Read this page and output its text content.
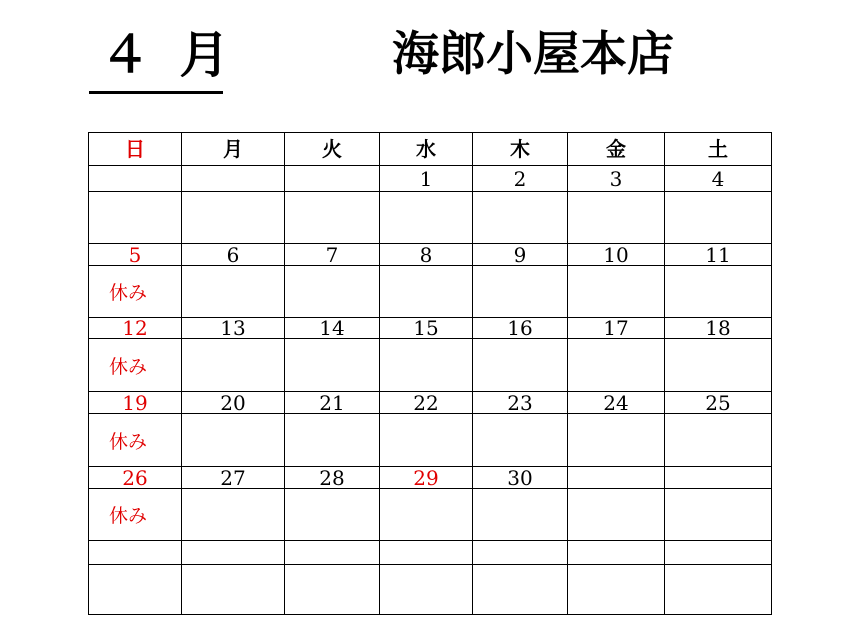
４ 月	海郎小屋本店
日	月	火	水	木	金	土
			1	2	3	4

5	6	7	8	9	10	11
休み						
12	13	14	15	16	17	18
休み						
19	20	21	22	23	24	25
休み						
26	27	28	29	30		
休み						
